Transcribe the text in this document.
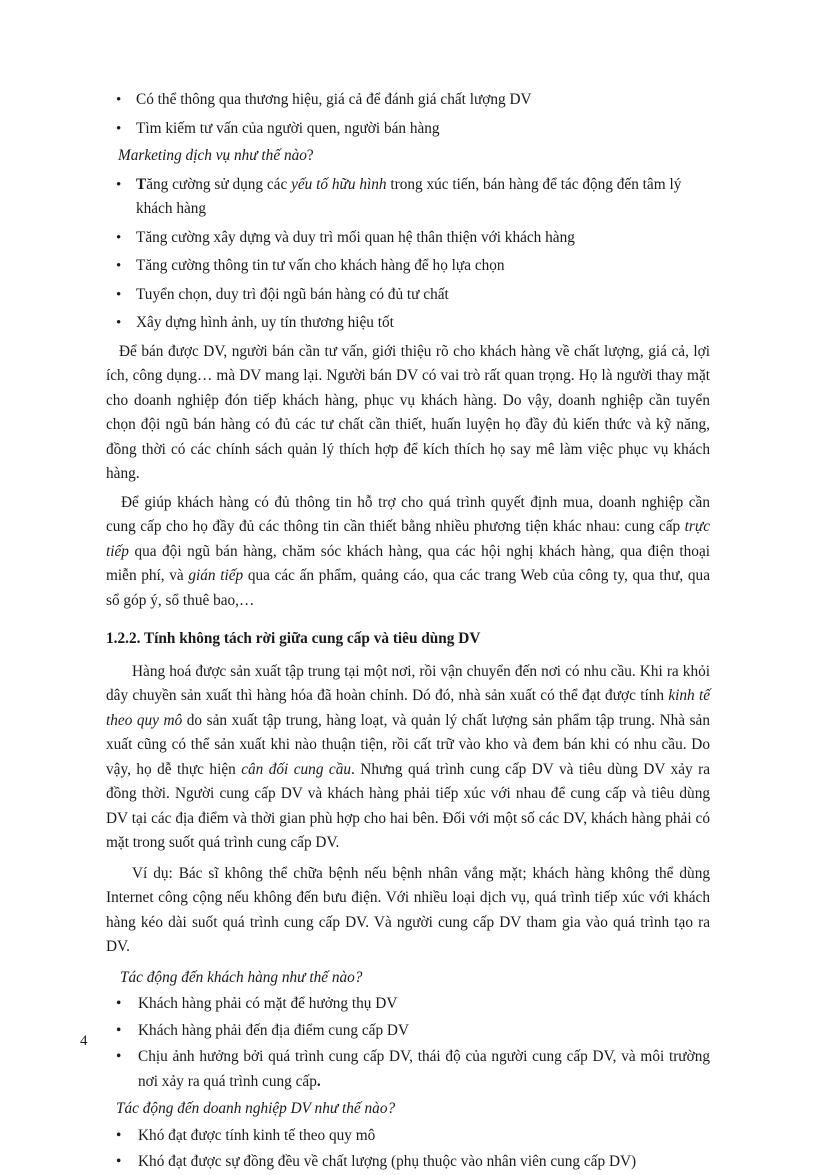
• Có thể thông qua thương hiệu, giá cả để đánh giá chất lượng DV
• Tìm kiếm tư vấn của người quen, người bán hàng
Marketing dịch vụ như thế nào?
• Tăng cường sử dụng các yếu tố hữu hình trong xúc tiến, bán hàng để tác động đến tâm lý khách hàng
• Tăng cường xây dựng và duy trì mối quan hệ thân thiện với khách hàng
• Tăng cường thông tin tư vấn cho khách hàng để họ lựa chọn
• Tuyển chọn, duy trì đội ngũ bán hàng có đủ tư chất
• Xây dựng hình ảnh, uy tín thương hiệu tốt

Để bán được DV, người bán cần tư vấn, giới thiệu rõ cho khách hàng về chất lượng, giá cả, lợi ích, công dụng… mà DV mang lại. Người bán DV có vai trò rất quan trọng. Họ là người thay mặt cho doanh nghiệp đón tiếp khách hàng, phục vụ khách hàng. Do vậy, doanh nghiệp cần tuyển chọn đội ngũ bán hàng có đủ các tư chất cần thiết, huấn luyện họ đầy đủ kiến thức và kỹ năng, đồng thời có các chính sách quản lý thích hợp để kích thích họ say mê làm việc phục vụ khách hàng.

Để giúp khách hàng có đủ thông tin hỗ trợ cho quá trình quyết định mua, doanh nghiệp cần cung cấp cho họ đầy đủ các thông tin cần thiết bằng nhiều phương tiện khác nhau: cung cấp trực tiếp qua đội ngũ bán hàng, chăm sóc khách hàng, qua các hội nghị khách hàng, qua điện thoại miễn phí, và gián tiếp qua các ấn phẩm, quảng cáo, qua các trang Web của công ty, qua thư, qua sổ góp ý, sổ thuê bao,…

1.2.2. Tính không tách rời giữa cung cấp và tiêu dùng DV

Hàng hoá được sản xuất tập trung tại một nơi, rồi vận chuyển đến nơi có nhu cầu. Khi ra khỏi dây chuyền sản xuất thì hàng hóa đã hoàn chỉnh. Dó đó, nhà sản xuất có thể đạt được tính kinh tế theo quy mô do sản xuất tập trung, hàng loạt, và quản lý chất lượng sản phẩm tập trung. Nhà sản xuất cũng có thể sản xuất khi nào thuận tiện, rồi cất trữ vào kho và đem bán khi có nhu cầu. Do vậy, họ dễ thực hiện cân đối cung cầu. Nhưng quá trình cung cấp DV và tiêu dùng DV xảy ra đồng thời. Người cung cấp DV và khách hàng phải tiếp xúc với nhau để cung cấp và tiêu dùng DV tại các địa điểm và thời gian phù hợp cho hai bên. Đối với một số các DV, khách hàng phải có mặt trong suốt quá trình cung cấp DV.

Ví dụ: Bác sĩ không thể chữa bệnh nếu bệnh nhân vắng mặt; khách hàng không thể dùng Internet công cộng nếu không đến bưu điện. Với nhiều loại dịch vụ, quá trình tiếp xúc với khách hàng kéo dài suốt quá trình cung cấp DV. Và người cung cấp DV tham gia vào quá trình tạo ra DV.

Tác động đến khách hàng như thế nào?
• Khách hàng phải có mặt để hưởng thụ DV
• Khách hàng phải đến địa điểm cung cấp DV
• Chịu ảnh hưởng bởi quá trình cung cấp DV, thái độ của người cung cấp DV, và môi trường nơi xảy ra quá trình cung cấp.
Tác động đến doanh nghiệp DV như thế nào?
• Khó đạt được tính kinh tế theo quy mô
• Khó đạt được sự đồng đều về chất lượng (phụ thuộc vào nhân viên cung cấp DV)
4
